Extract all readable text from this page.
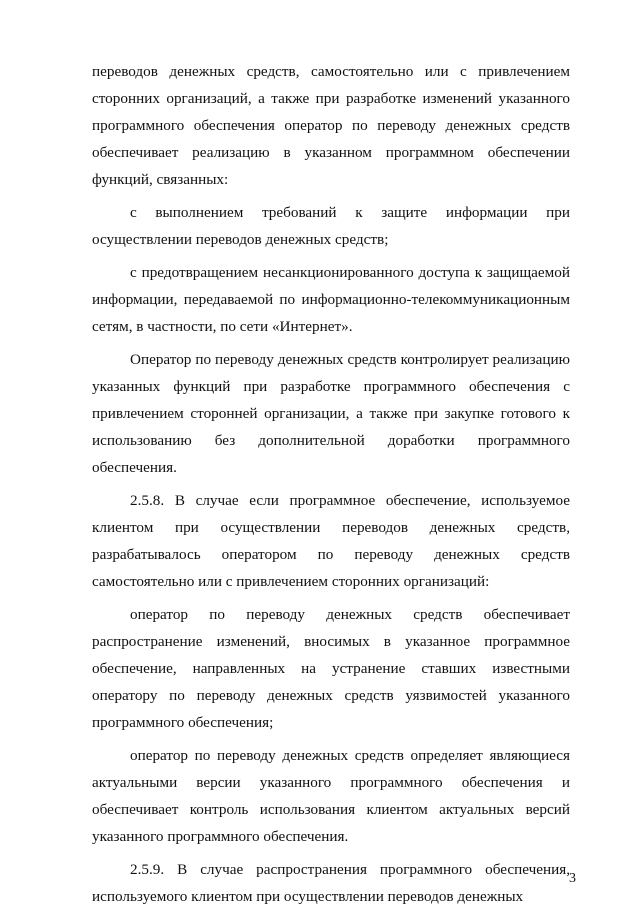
переводов денежных средств, самостоятельно или с привлечением сторонних организаций, а также при разработке изменений указанного программного обеспечения оператор по переводу денежных средств обеспечивает реализацию в указанном программном обеспечении функций, связанных:

с выполнением требований к защите информации при осуществлении переводов денежных средств;

с предотвращением несанкционированного доступа к защищаемой информации, передаваемой по информационно-телекоммуникационным сетям, в частности, по сети «Интернет».

Оператор по переводу денежных средств контролирует реализацию указанных функций при разработке программного обеспечения с привлечением сторонней организации, а также при закупке готового к использованию без дополнительной доработки программного обеспечения.

2.5.8. В случае если программное обеспечение, используемое клиентом при осуществлении переводов денежных средств, разрабатывалось оператором по переводу денежных средств самостоятельно или с привлечением сторонних организаций:

оператор по переводу денежных средств обеспечивает распространение изменений, вносимых в указанное программное обеспечение, направленных на устранение ставших известными оператору по переводу денежных средств уязвимостей указанного программного обеспечения;

оператор по переводу денежных средств определяет являющиеся актуальными версии указанного программного обеспечения и обеспечивает контроль использования клиентом актуальных версий указанного программного обеспечения.

2.5.9. В случае распространения программного обеспечения, используемого клиентом при осуществлении переводов денежных

3
